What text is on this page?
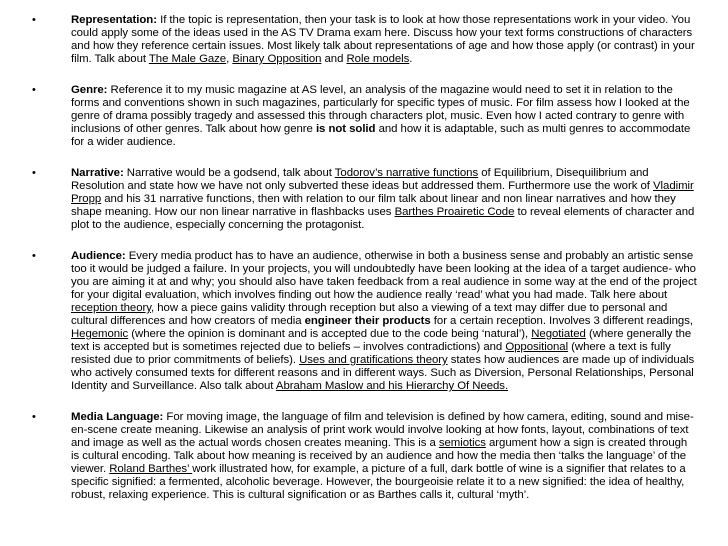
•	Representation: If the topic is representation, then your task is to look at how those representations work in your video. You could apply some of the ideas used in the AS TV Drama exam here. Discuss how your text forms constructions of characters and how they reference certain issues. Most likely talk about representations of age and how those apply (or contrast) in your film. Talk about The Male Gaze, Binary Opposition and Role models.
•	Genre: Reference it to my music magazine at AS level, an analysis of the magazine would need to set it in relation to the forms and conventions shown in such magazines, particularly for specific types of music. For film assess how I looked at the genre of drama possibly tragedy and assessed this through characters plot, music. Even how I acted contrary to genre with inclusions of other genres. Talk about how genre is not solid and how it is adaptable, such as multi genres to accommodate for a wider audience.
•	Narrative: Narrative would be a godsend, talk about Todorov’s narrative functions of Equilibrium, Disequilibrium and Resolution and state how we have not only subverted these ideas but addressed them. Furthermore use the work of Vladimir Propp and his 31 narrative functions, then with relation to our film talk about linear and non linear narratives and how they shape meaning. How our non linear narrative in flashbacks uses Barthes Proairetic Code to reveal elements of character and plot to the audience, especially concerning the protagonist.
•	Audience: Every media product has to have an audience, otherwise in both a business sense and probably an artistic sense too it would be judged a failure. In your projects, you will undoubtedly have been looking at the idea of a target audience- who you are aiming it at and why; you should also have taken feedback from a real audience in some way at the end of the project for your digital evaluation, which involves finding out how the audience really ‘read’ what you had made. Talk here about reception theory, how a piece gains validity through reception but also a viewing of a text may differ due to personal and cultural differences and how creators of media engineer their products for a certain reception. Involves 3 different readings, Hegemonic (where the opinion is dominant and is accepted due to the code being ‘natural’), Negotiated (where generally the text is accepted but is sometimes rejected due to beliefs – involves contradictions) and Oppositional (where a text is fully resisted due to prior commitments of beliefs). Uses and gratifications theory states how audiences are made up of individuals who actively consumed texts for different reasons and in different ways. Such as Diversion, Personal Relationships, Personal Identity and Surveillance. Also talk about Abraham Maslow and his Hierarchy Of Needs.
•	Media Language: For moving image, the language of film and television is defined by how camera, editing, sound and mise-en-scene create meaning. Likewise an analysis of print work would involve looking at how fonts, layout, combinations of text and image as well as the actual words chosen creates meaning. This is a semiotics argument how a sign is created through is cultural encoding. Talk about how meaning is received by an audience and how the media then ‘talks the language’ of the viewer. Roland Barthes’ work illustrated how, for example, a picture of a full, dark bottle of wine is a signifier that relates to a specific signified: a fermented, alcoholic beverage. However, the bourgeoisie relate it to a new signified: the idea of healthy, robust, relaxing experience. This is cultural signification or as Barthes calls it, cultural ‘myth’.
